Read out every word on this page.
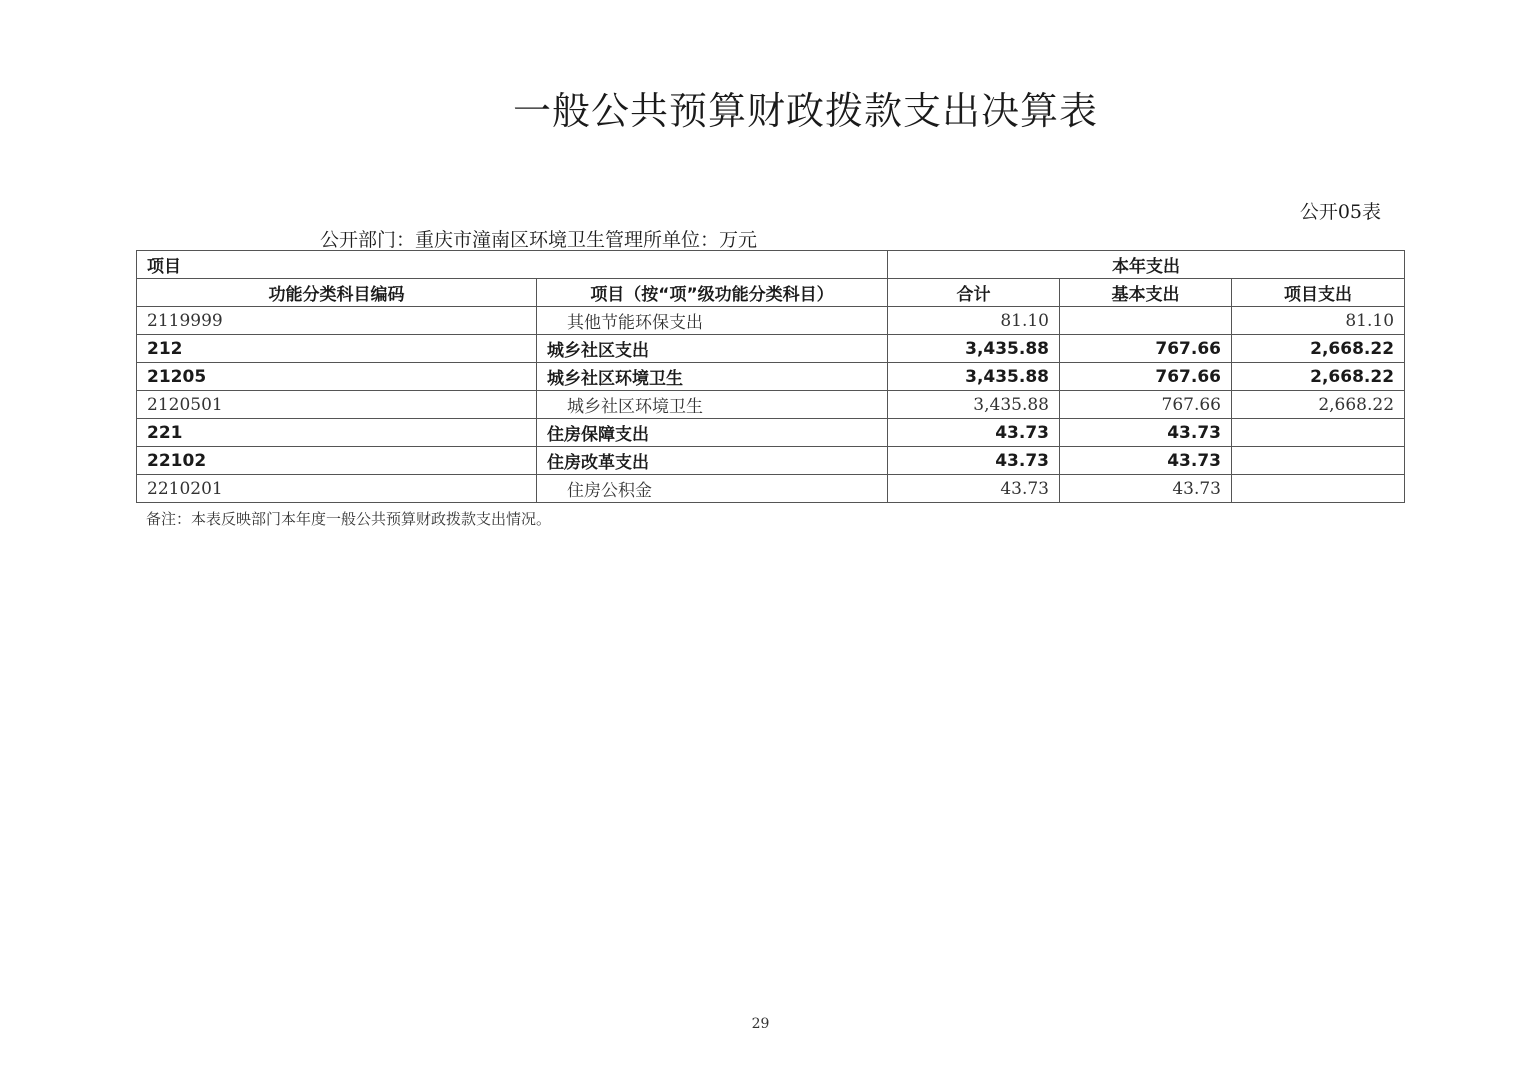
一般公共预算财政拨款支出决算表
公开05表
公开部门：重庆市潼南区环境卫生管理所单位：万元
项目		本年支出		
功能分类科目编码	项目（按“项”级功能分类科目）	合计	基本支出	项目支出
2119999	其他节能环保支出	81.10		81.10
212	城乡社区支出	3,435.88	767.66	2,668.22
21205	城乡社区环境卫生	3,435.88	767.66	2,668.22
2120501	城乡社区环境卫生	3,435.88	767.66	2,668.22
221	住房保障支出	43.73	43.73	
22102	住房改革支出	43.73	43.73	
2210201	住房公积金	43.73	43.73	
备注：本表反映部门本年度一般公共预算财政拨款支出情况。
29
